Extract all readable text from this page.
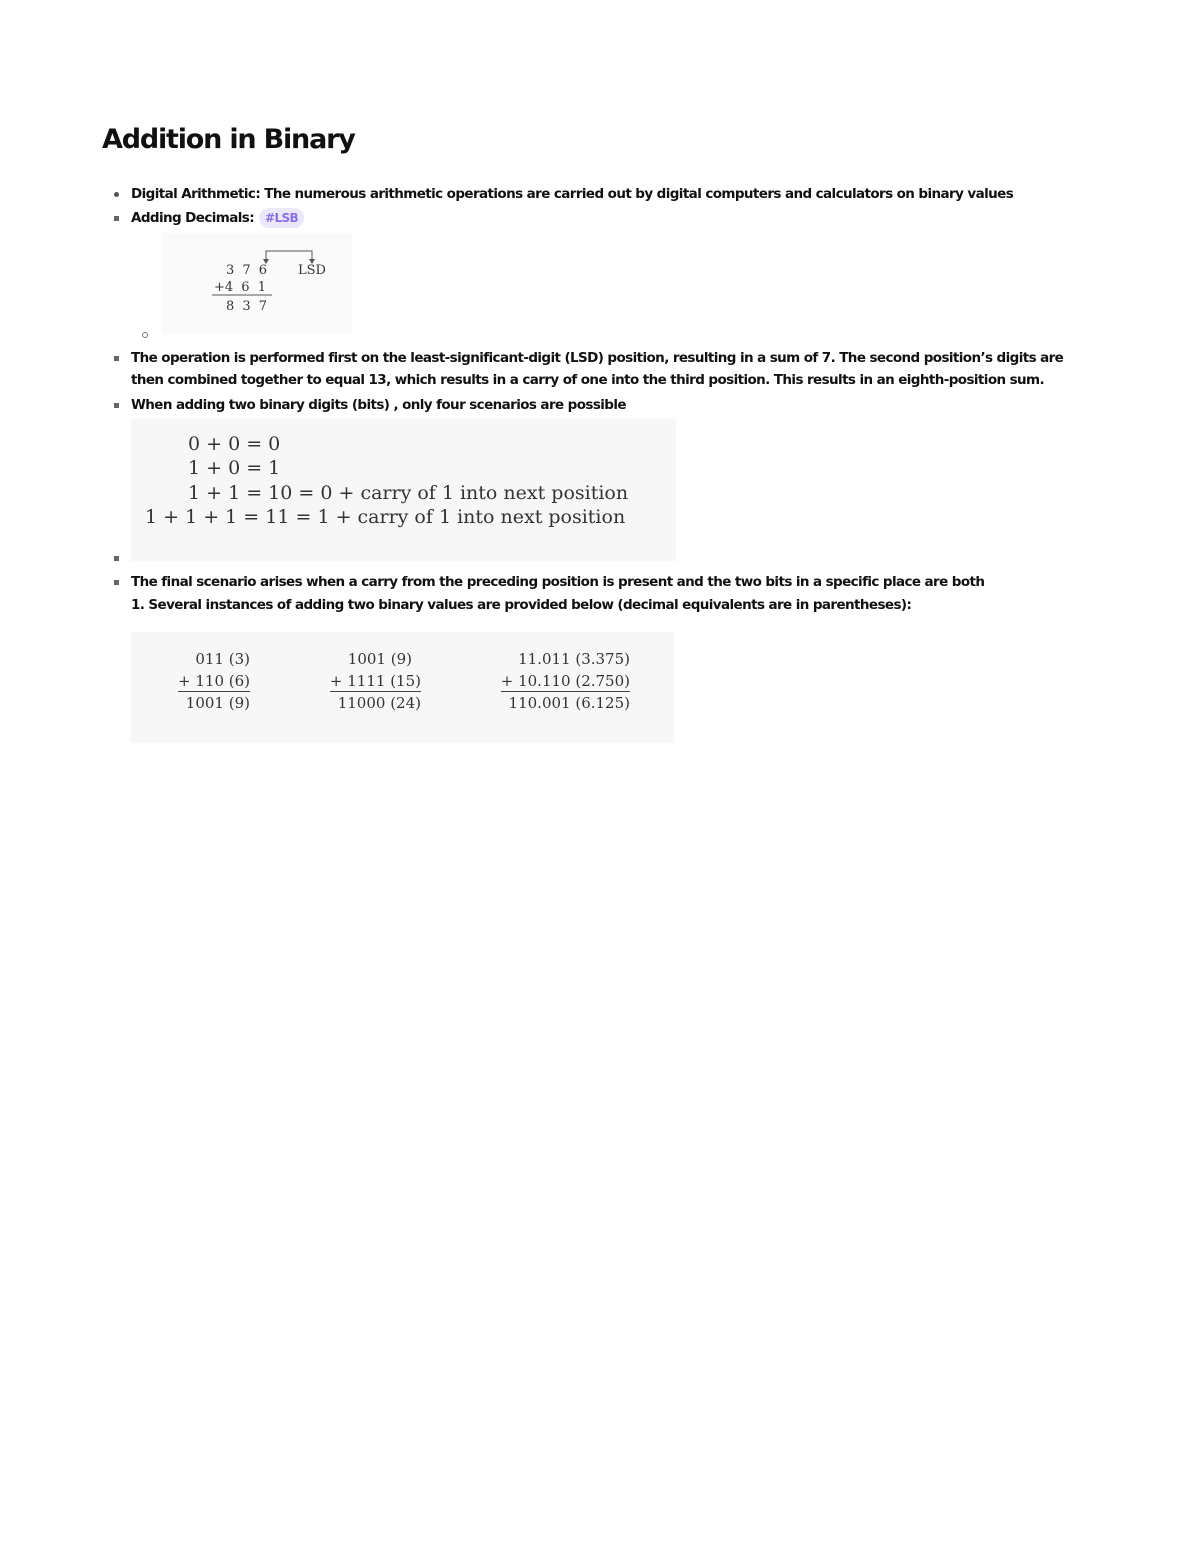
Addition in Binary
Digital Arithmetic: The numerous arithmetic operations are carried out by digital computers and calculators on binary values
Adding Decimals: #LSB
3 7 6 LSD
+4 6 1
8 3 7
The operation is performed first on the least-significant-digit (LSD) position, resulting in a sum of 7. The second position’s digits are
then combined together to equal 13, which results in a carry of one into the third position. This results in an eighth-position sum.
When adding two binary digits (bits) , only four scenarios are possible
0 + 0 = 0
1 + 0 = 1
1 + 1 = 10 = 0 + carry of 1 into next position
1 + 1 + 1 = 11 = 1 + carry of 1 into next position
The final scenario arises when a carry from the preceding position is present and the two bits in a specific place are both
1. Several instances of adding two binary values are provided below (decimal equivalents are in parentheses):
011 (3)
+ 110 (6)
1001 (9)
1001 (9)
+ 1111 (15)
11000 (24)
11.011 (3.375)
+ 10.110 (2.750)
110.001 (6.125)
